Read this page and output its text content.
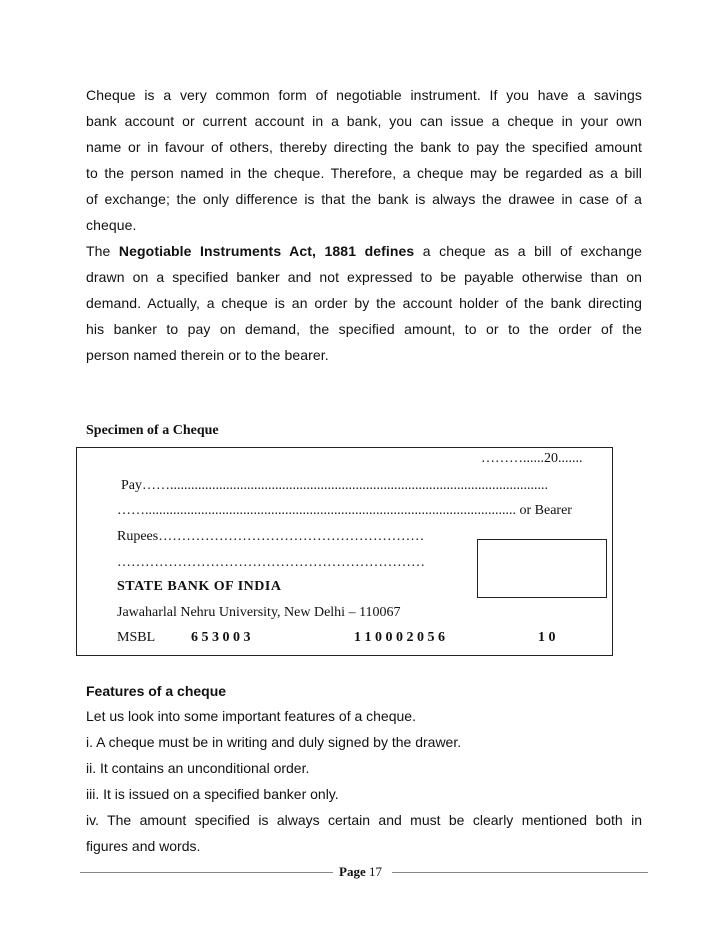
Cheque is a very common form of negotiable instrument. If you have a savings
bank account or current account in a bank, you can issue a cheque in your own
name or in favour of others, thereby directing the bank to pay the specified amount
to the person named in the cheque. Therefore, a cheque may be regarded as a bill
of exchange; the only difference is that the bank is always the drawee in case of a
cheque.
The Negotiable Instruments Act, 1881 defines a cheque as a bill of exchange
drawn on a specified banker and not expressed to be payable otherwise than on
demand. Actually, a cheque is an order by the account holder of the bank directing
his banker to pay on demand, the specified amount, to or to the order of the
person named therein or to the bearer.
Specimen of a Cheque
………......20.......
Pay……............................................................................................................
…….......................................................................................................... or Bearer
Rupees…………………………………………………
…………………………………………………………
STATE BANK OF INDIA
Jawaharlal Nehru University, New Delhi – 110067
MSBL	6 5 3 0 0 3	1 1 0 0 0 2 0 5 6	1 0
Features of a cheque
Let us look into some important features of a cheque.
i. A cheque must be in writing and duly signed by the drawer.
ii. It contains an unconditional order.
iii. It is issued on a specified banker only.
iv. The amount specified is always certain and must be clearly mentioned both in
figures and words.
Page 17
